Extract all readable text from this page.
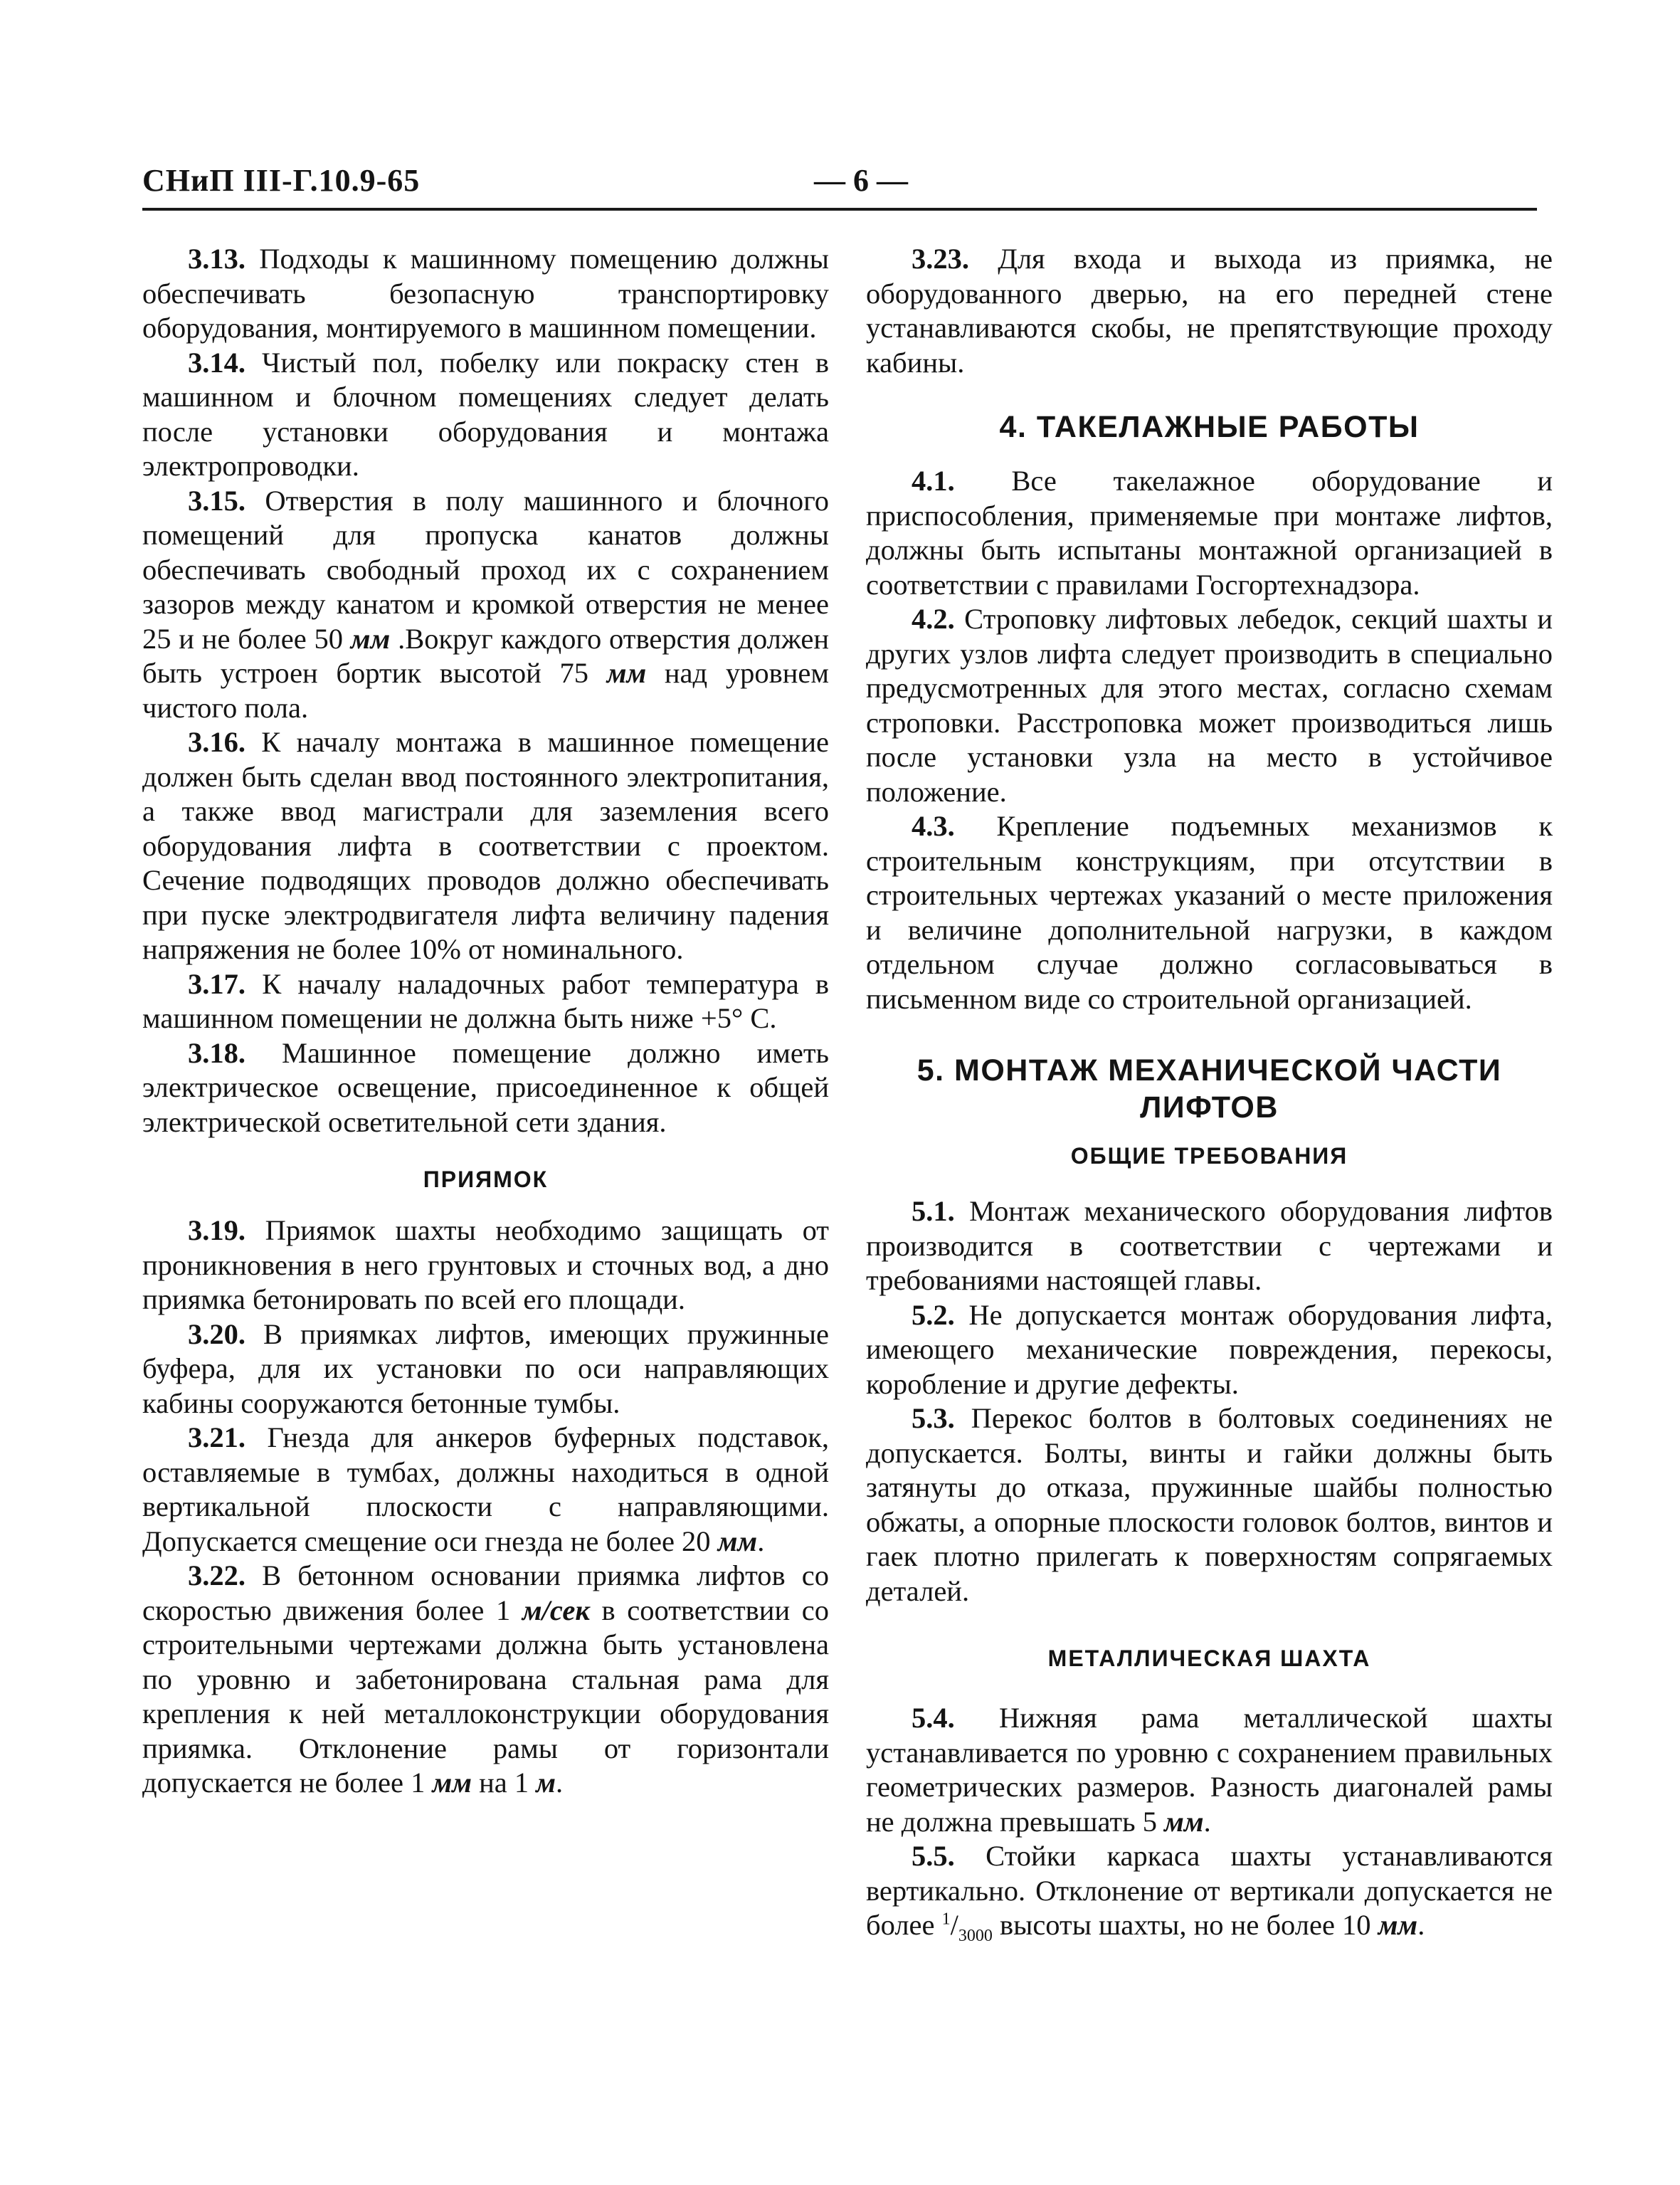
СНиП III-Г.10.9-65	— 6 —

3.13. Подходы к машинному помещению должны обеспечивать безопасную транспортировку оборудования, монтируемого в машинном помещении.

3.14. Чистый пол, побелку или покраску стен в машинном и блочном помещениях следует делать после установки оборудования и монтажа электропроводки.

3.15. Отверстия в полу машинного и блочного помещений для пропуска канатов должны обеспечивать свободный проход их с сохранением зазоров между канатом и кромкой отверстия не менее 25 и не более 50 мм .Вокруг каждого отверстия должен быть устроен бортик высотой 75 мм над уровнем чистого пола.

3.16. К началу монтажа в машинное помещение должен быть сделан ввод постоянного электропитания, а также ввод магистрали для заземления всего оборудования лифта в соответствии с проектом. Сечение подводящих проводов должно обеспечивать при пуске электродвигателя лифта величину падения напряжения не более 10% от номинального.

3.17. К началу наладочных работ температура в машинном помещении не должна быть ниже +5° С.

3.18. Машинное помещение должно иметь электрическое освещение, присоединенное к общей электрической осветительной сети здания.

ПРИЯМОК

3.19. Приямок шахты необходимо защищать от проникновения в него грунтовых и сточных вод, а дно приямка бетонировать по всей его площади.

3.20. В приямках лифтов, имеющих пружинные буфера, для их установки по оси направляющих кабины сооружаются бетонные тумбы.

3.21. Гнезда для анкеров буферных подставок, оставляемые в тумбах, должны находиться в одной вертикальной плоскости с направляющими. Допускается смещение оси гнезда не более 20 мм.

3.22. В бетонном основании приямка лифтов со скоростью движения более 1 м/сек в соответствии со строительными чертежами должна быть установлена по уровню и забетонирована стальная рама для крепления к ней металлоконструкции оборудования приямка. Отклонение рамы от горизонтали допускается не более 1 мм на 1 м.

3.23. Для входа и выхода из приямка, не оборудованного дверью, на его передней стене устанавливаются скобы, не препятствующие проходу кабины.

4. ТАКЕЛАЖНЫЕ РАБОТЫ

4.1. Все такелажное оборудование и приспособления, применяемые при монтаже лифтов, должны быть испытаны монтажной организацией в соответствии с правилами Госгортехнадзора.

4.2. Строповку лифтовых лебедок, секций шахты и других узлов лифта следует производить в специально предусмотренных для этого местах, согласно схемам строповки. Расстроповка может производиться лишь после установки узла на место в устойчивое положение.

4.3. Крепление подъемных механизмов к строительным конструкциям, при отсутствии в строительных чертежах указаний о месте приложения и величине дополнительной нагрузки, в каждом отдельном случае должно согласовываться в письменном виде со строительной организацией.

5. МОНТАЖ МЕХАНИЧЕСКОЙ ЧАСТИ

ЛИФТОВ

ОБЩИЕ ТРЕБОВАНИЯ

5.1. Монтаж механического оборудования лифтов производится в соответствии с чертежами и требованиями настоящей главы.

5.2. Не допускается монтаж оборудования лифта, имеющего механические повреждения, перекосы, коробление и другие дефекты.

5.3. Перекос болтов в болтовых соединениях не допускается. Болты, винты и гайки должны быть затянуты до отказа, пружинные шайбы полностью обжаты, а опорные плоскости головок болтов, винтов и гаек плотно прилегать к поверхностям сопрягаемых деталей.

МЕТАЛЛИЧЕСКАЯ ШАХТА

5.4. Нижняя рама металлической шахты устанавливается по уровню с сохранением правильных геометрических размеров. Разность диагоналей рамы не должна превышать 5 мм.

5.5. Стойки каркаса шахты устанавливаются вертикально. Отклонение от вертикали допускается не более $^1/_{3000}$ высоты шахты, но не более 10 мм.
